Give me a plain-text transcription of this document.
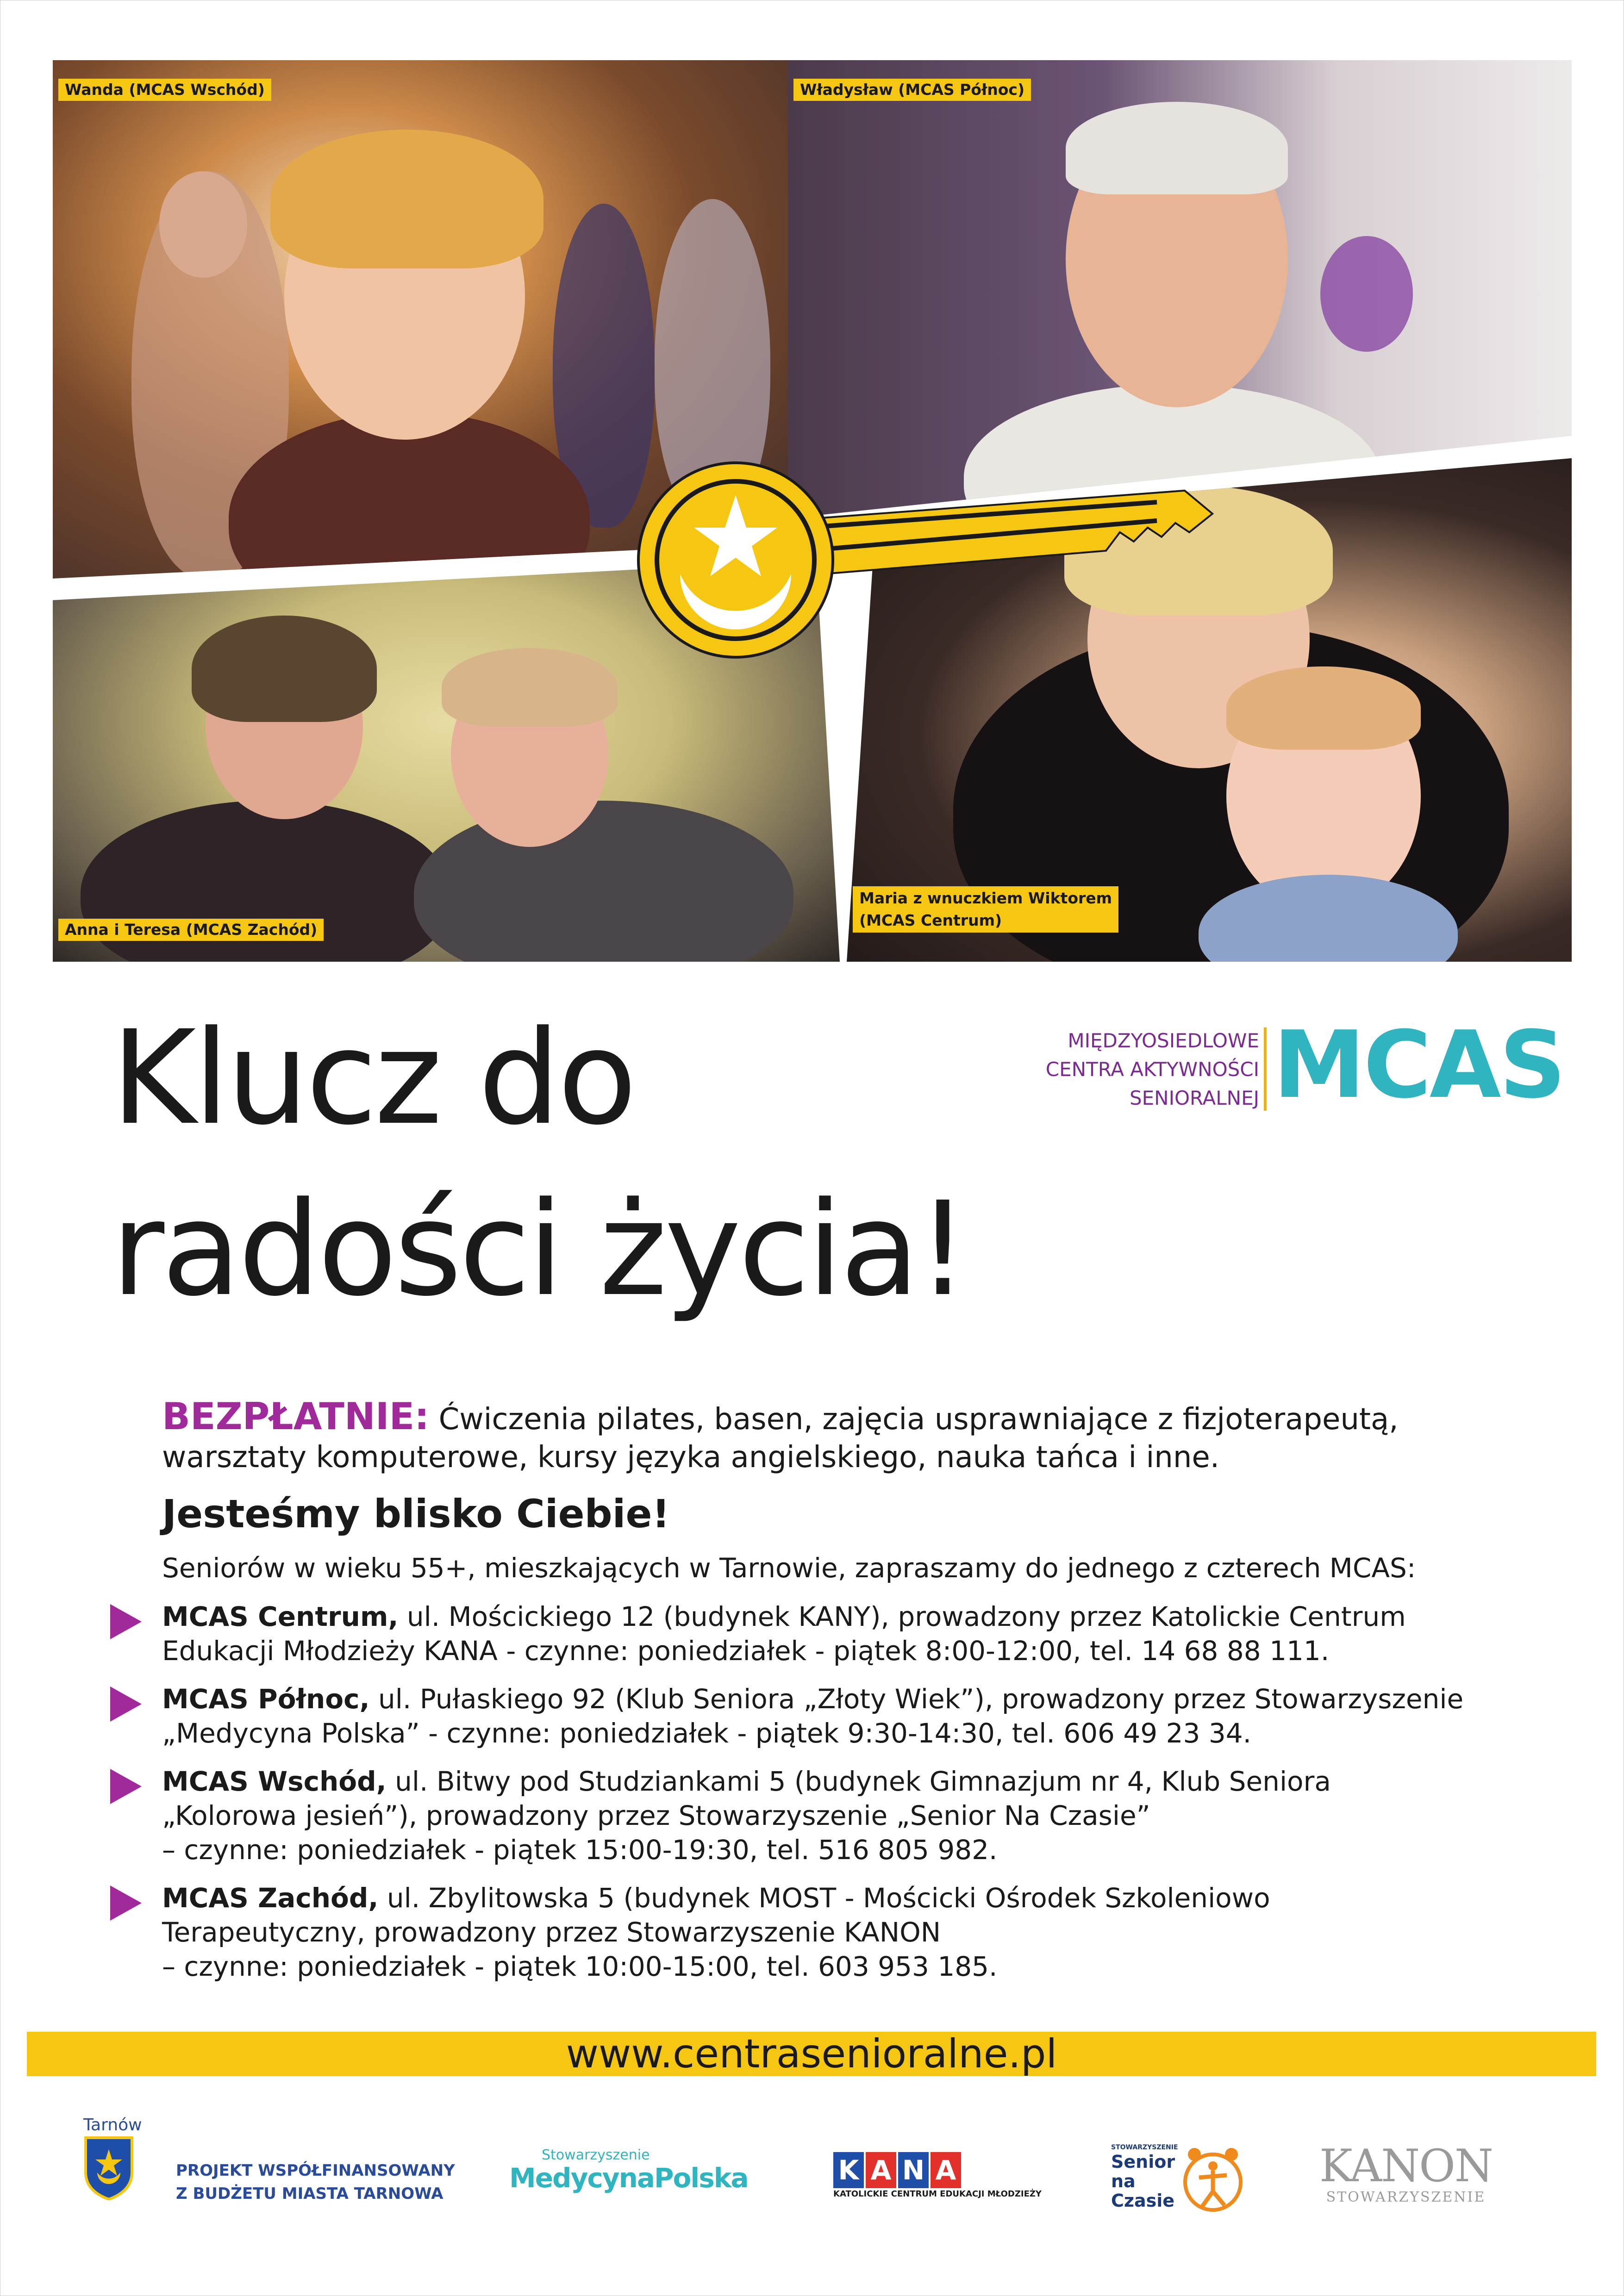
Wanda (MCAS Wschód)	Władysław (MCAS Północ)
Anna i Teresa (MCAS Zachód)
Maria z wnuczkiem Wiktorem
(MCAS Centrum)
Klucz do
radości życia!
MIĘDZYOSIEDLOWE
CENTRA AKTYWNOŚCI
SENIORALNEJ MCAS
BEZPŁATNIE: Ćwiczenia pilates, basen, zajęcia usprawniające z fizjoterapeutą,
warsztaty komputerowe, kursy języka angielskiego, nauka tańca i inne.
Jesteśmy blisko Ciebie!
Seniorów w wieku 55+, mieszkających w Tarnowie, zapraszamy do jednego z czterech MCAS:
MCAS Centrum, ul. Mościckiego 12 (budynek KANY), prowadzony przez Katolickie Centrum
Edukacji Młodzieży KANA - czynne: poniedziałek - piątek 8:00-12:00, tel. 14 68 88 111.
MCAS Północ, ul. Pułaskiego 92 (Klub Seniora „Złoty Wiek”), prowadzony przez Stowarzyszenie
„Medycyna Polska” - czynne: poniedziałek - piątek 9:30-14:30, tel. 606 49 23 34.
MCAS Wschód, ul. Bitwy pod Studziankami 5 (budynek Gimnazjum nr 4, Klub Seniora
„Kolorowa jesień”), prowadzony przez Stowarzyszenie „Senior Na Czasie”
– czynne: poniedziałek - piątek 15:00-19:30, tel. 516 805 982.
MCAS Zachód, ul. Zbylitowska 5 (budynek MOST - Mościcki Ośrodek Szkoleniowo
Terapeutyczny, prowadzony przez Stowarzyszenie KANON
– czynne: poniedziałek - piątek 10:00-15:00, tel. 603 953 185.
www.centrasenioralne.pl
Tarnów
PROJEKT WSPÓŁFINANSOWANY
Z BUDŻETU MIASTA TARNOWA
Stowarzyszenie
MedycynaPolska	K A N A
KATOLICKIE CENTRUM EDUKACJI MŁODZIEŻY
STOWARZYSZENIE
Senior
na
Czasie

KANON
STOWARZYSZENIE
